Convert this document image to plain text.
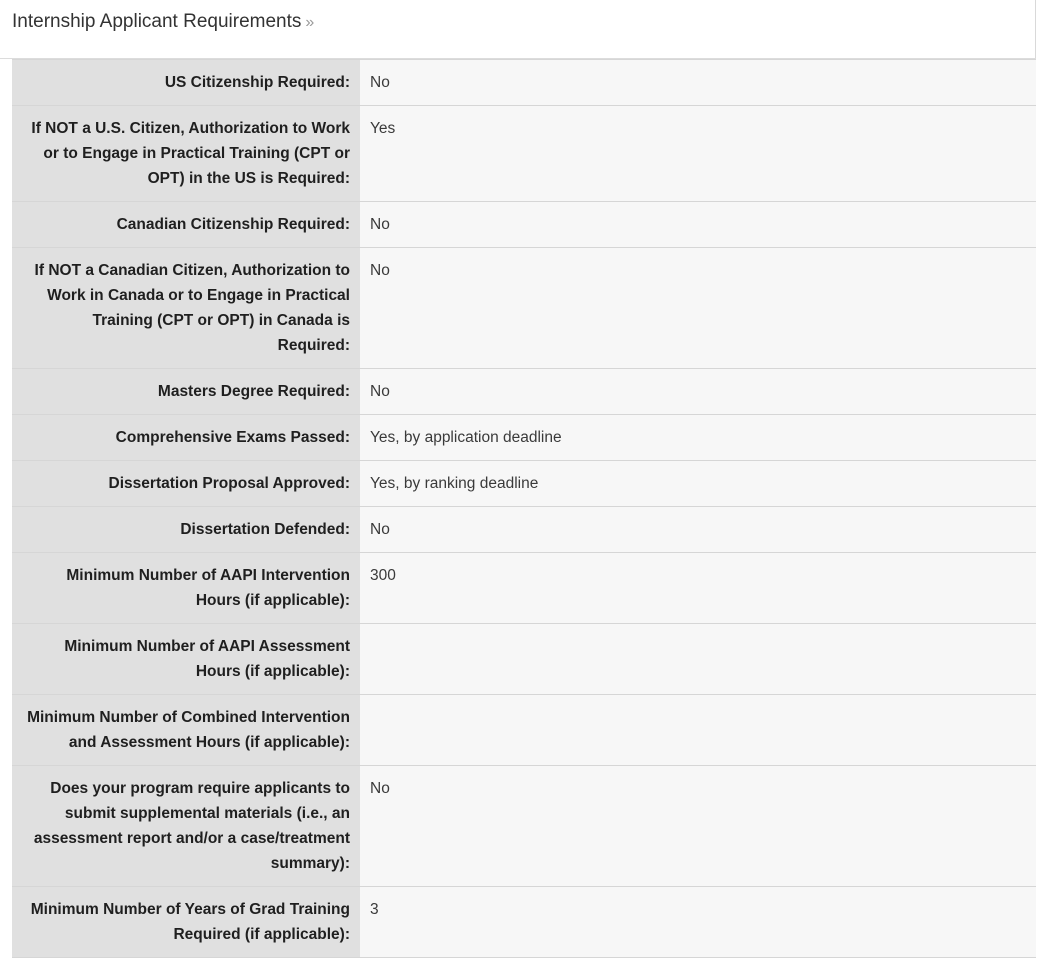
Internship Applicant Requirements »
US Citizenship Required:	No
If NOT a U.S. Citizen, Authorization to Work or to Engage in Practical Training (CPT or OPT) in the US is Required:	Yes
Canadian Citizenship Required:	No
If NOT a Canadian Citizen, Authorization to Work in Canada or to Engage in Practical Training (CPT or OPT) in Canada is Required:	No
Masters Degree Required:	No
Comprehensive Exams Passed:	Yes, by application deadline
Dissertation Proposal Approved:	Yes, by ranking deadline
Dissertation Defended:	No
Minimum Number of AAPI Intervention Hours (if applicable):	300
Minimum Number of AAPI Assessment Hours (if applicable):	
Minimum Number of Combined Intervention and Assessment Hours (if applicable):	
Does your program require applicants to submit supplemental materials (i.e., an assessment report and/or a case/treatment summary):	No
Minimum Number of Years of Grad Training Required (if applicable):	3
